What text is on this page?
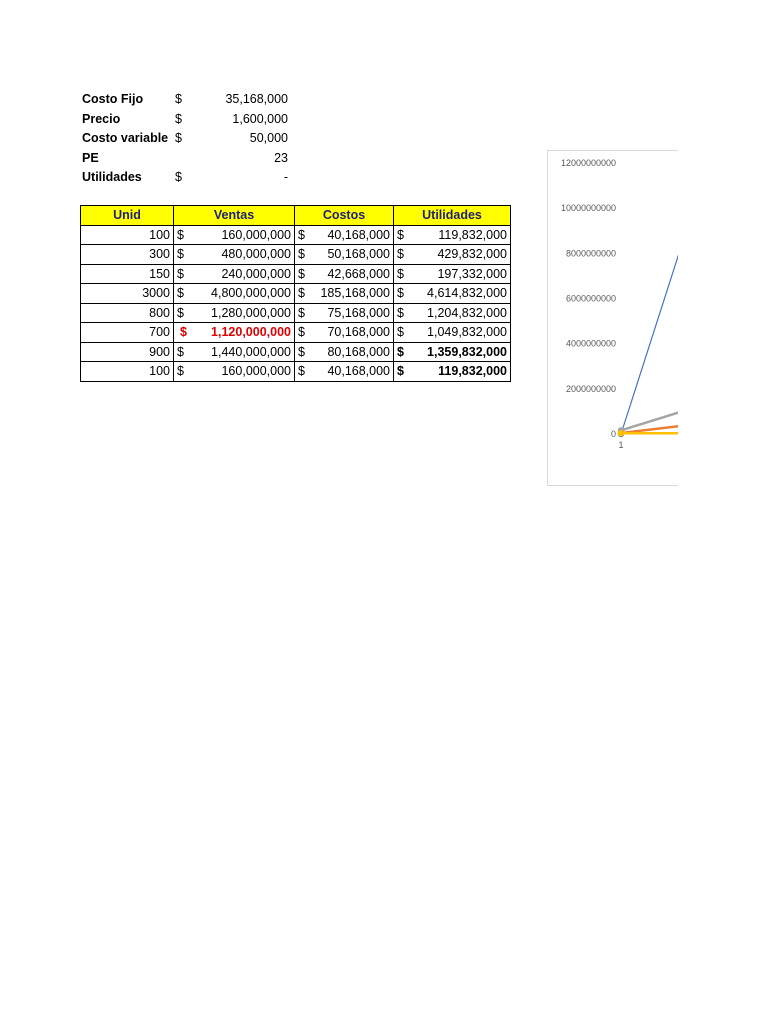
Costo Fijo	$	35,168,000
Precio	$	1,600,000
Costo variable $	50,000
PE	23
Utilidades	$	-
Unid	Ventas	Costos	Utilidades
100	$ 160,000,000	$ 40,168,000	$ 119,832,000
300	$ 480,000,000	$ 50,168,000	$ 429,832,000
150	$ 240,000,000	$ 42,668,000	$ 197,332,000
3000	$ 4,800,000,000	$ 185,168,000	$ 4,614,832,000
800	$ 1,280,000,000	$ 75,168,000	$ 1,204,832,000
700	$ 1,120,000,000	$ 70,168,000	$ 1,049,832,000
900	$ 1,440,000,000	$ 80,168,000	$ 1,359,832,000
100	$ 160,000,000	$ 40,168,000	$ 119,832,000
12000000000
10000000000
8000000000
6000000000
4000000000
2000000000
0
1
